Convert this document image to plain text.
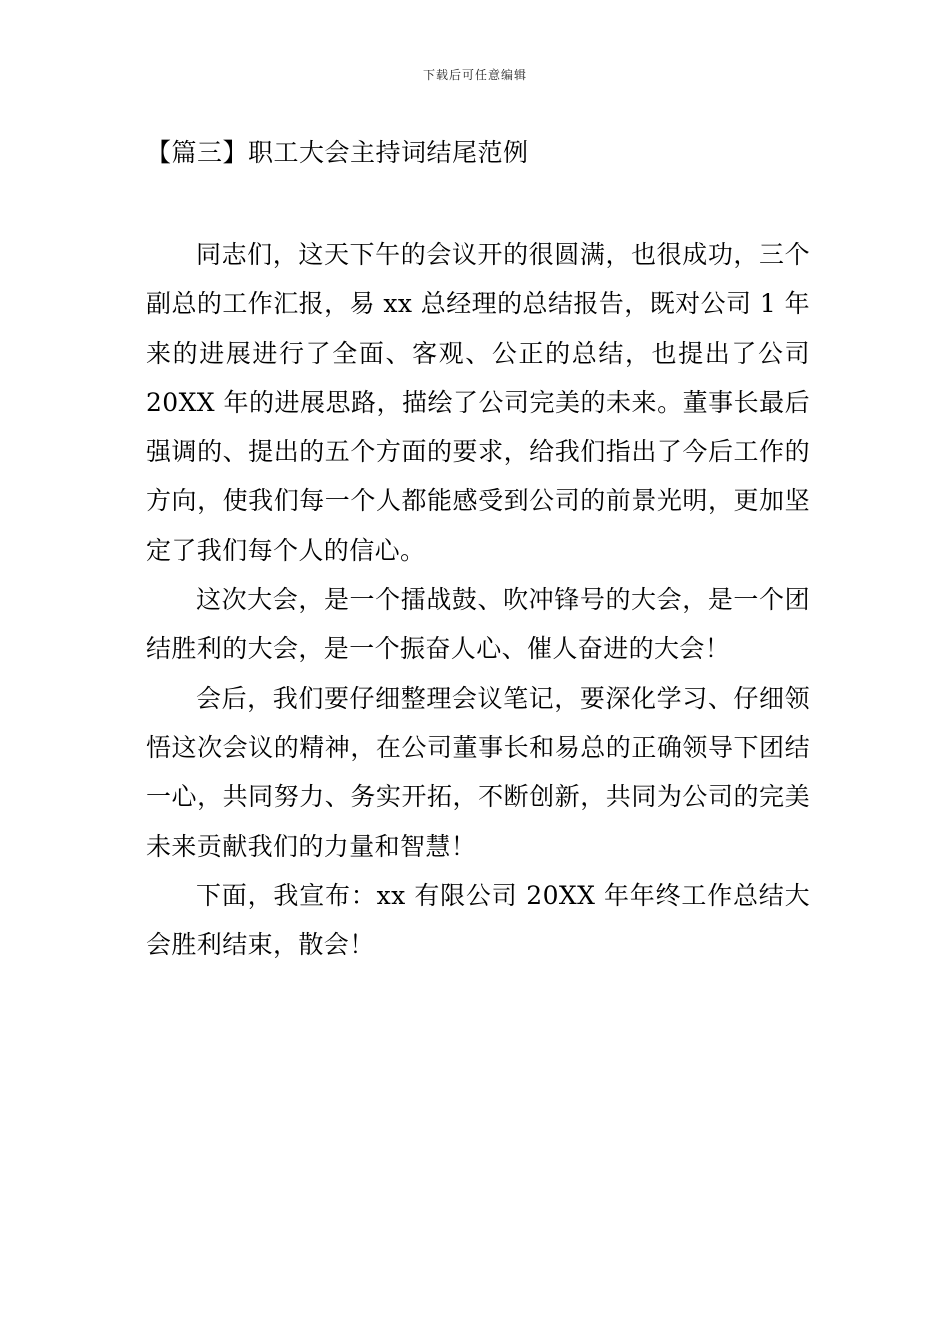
下载后可任意编辑
【篇三】职工大会主持词结尾范例

同志们，这天下午的会议开的很圆满，也很成功，三个副总的工作汇报，易 xx 总经理的总结报告，既对公司 1 年来的进展进行了全面、客观、公正的总结，也提出了公司 20XX 年的进展思路，描绘了公司完美的未来。董事长最后强调的、提出的五个方面的要求，给我们指出了今后工作的方向，使我们每一个人都能感受到公司的前景光明，更加坚定了我们每个人的信心。

这次大会，是一个擂战鼓、吹冲锋号的大会，是一个团结胜利的大会，是一个振奋人心、催人奋进的大会！

会后，我们要仔细整理会议笔记，要深化学习、仔细领悟这次会议的精神，在公司董事长和易总的正确领导下团结一心，共同努力、务实开拓，不断创新，共同为公司的完美未来贡献我们的力量和智慧！

下面，我宣布：xx 有限公司 20XX 年年终工作总结大会胜利结束，散会！
